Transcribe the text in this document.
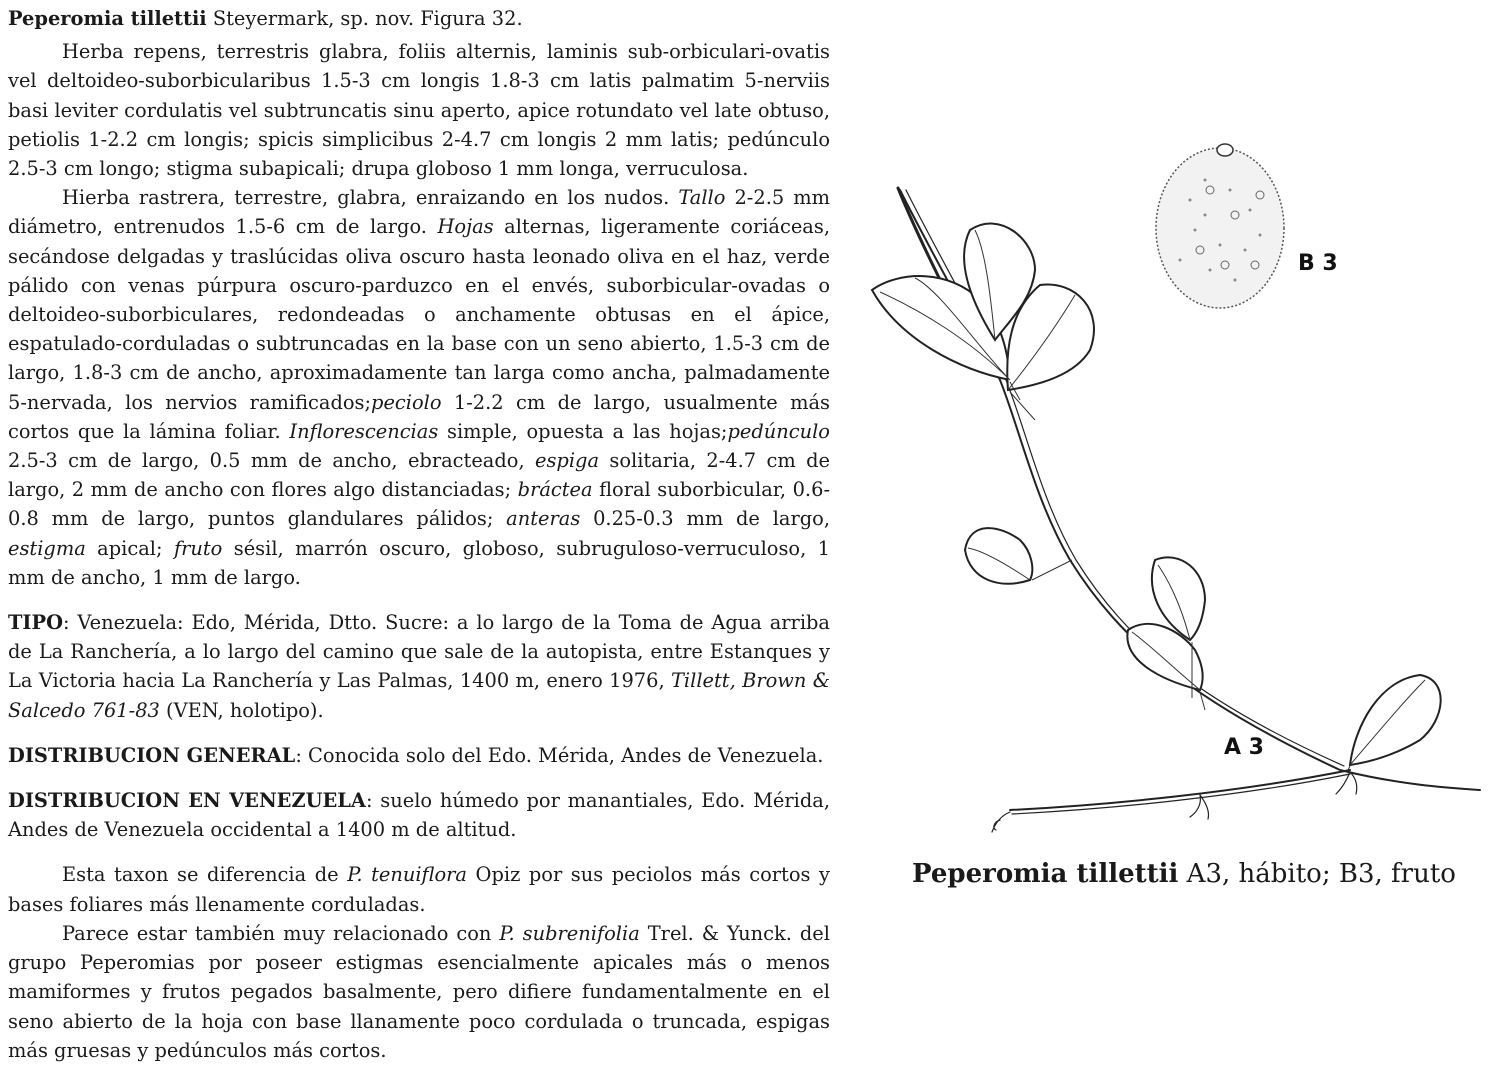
Peperomia tillettii Steyermark, sp. nov. Figura 32.

Herba repens, terrestris glabra, foliis alternis, laminis sub-orbiculari-ovatis vel deltoideo-suborbicularibus 1.5-3 cm longis 1.8-3 cm latis palmatim 5-nerviis basi leviter cordulatis vel subtruncatis sinu aperto, apice rotundato vel late obtuso, petiolis 1-2.2 cm longis; spicis simplicibus 2-4.7 cm longis 2 mm latis; pedúnculo 2.5-3 cm longo; stigma subapicali; drupa globoso 1 mm longa, verruculosa.

Hierba rastrera, terrestre, glabra, enraizando en los nudos. Tallo 2-2.5 mm diámetro, entrenudos 1.5-6 cm de largo. Hojas alternas, ligeramente coriáceas, secándose delgadas y traslúcidas oliva oscuro hasta leonado oliva en el haz, verde pálido con venas púrpura oscuro-parduzco en el envés, suborbicular-ovadas o deltoideo-suborbiculares, redondeadas o anchamente obtusas en el ápice, espatulado-corduladas o subtruncadas en la base con un seno abierto, 1.5-3 cm de largo, 1.8-3 cm de ancho, aproximadamente tan larga como ancha, palmadamente 5-nervada, los nervios ramificados;peciolo 1-2.2 cm de largo, usualmente más cortos que la lámina foliar. Inflorescencias simple, opuesta a las hojas;pedúnculo 2.5-3 cm de largo, 0.5 mm de ancho, ebracteado, espiga solitaria, 2-4.7 cm de largo, 2 mm de ancho con flores algo distanciadas; bráctea floral suborbicular, 0.6-0.8 mm de largo, puntos glandulares pálidos; anteras 0.25-0.3 mm de largo, estigma apical; fruto sésil, marrón oscuro, globoso, subruguloso-verruculoso, 1 mm de ancho, 1 mm de largo.

TIPO: Venezuela: Edo, Mérida, Dtto. Sucre: a lo largo de la Toma de Agua arriba de La Ranchería, a lo largo del camino que sale de la autopista, entre Estanques y La Victoria hacia La Ranchería y Las Palmas, 1400 m, enero 1976, Tillett, Brown & Salcedo 761-83 (VEN, holotipo).

DISTRIBUCION GENERAL: Conocida solo del Edo. Mérida, Andes de Venezuela.

DISTRIBUCION EN VENEZUELA: suelo húmedo por manantiales, Edo. Mérida, Andes de Venezuela occidental a 1400 m de altitud.

Esta taxon se diferencia de P. tenuiflora Opiz por sus peciolos más cortos y bases foliares más llenamente corduladas.

Parece estar también muy relacionado con P. subrenifolia Trel. & Yunck. del grupo Peperomias por poseer estigmas esencialmente apicales más o menos mamiformes y frutos pegados basalmente, pero difiere fundamentalmente en el seno abierto de la hoja con base llanamente poco cordulada o truncada, espigas más gruesas y pedúnculos más cortos.

A 3
B 3
Peperomia tillettii A3, hábito; B3, fruto
